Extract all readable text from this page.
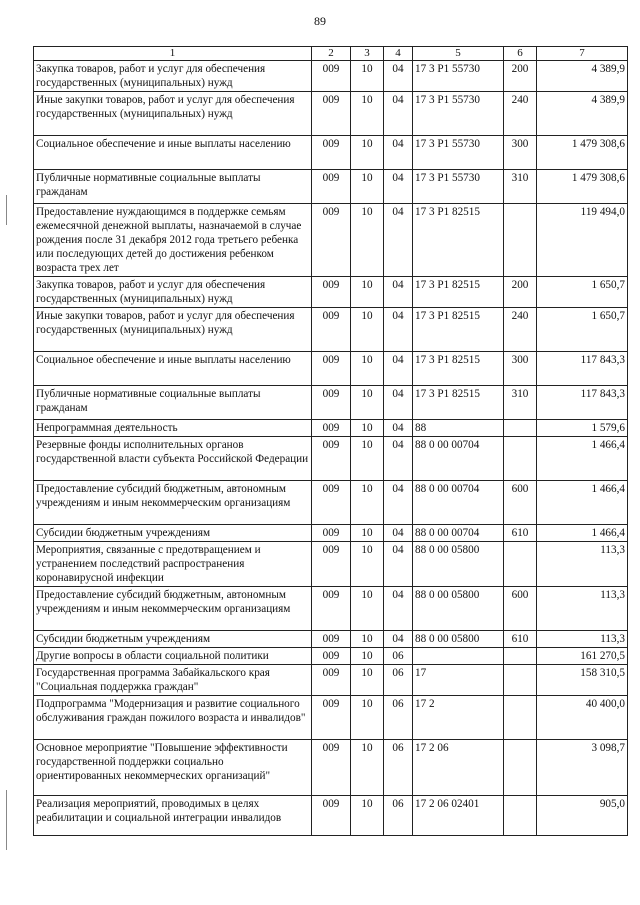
89
1	2	3	4	5	6	7
Закупка товаров, работ и услуг для обеспечения государственных (муниципальных) нужд	009	10	04	17 3 P1 55730	200	4 389,9
Иные закупки товаров, работ и услуг для обеспечения государственных (муниципальных) нужд	009	10	04	17 3 P1 55730	240	4 389,9
Социальное обеспечение и иные выплаты населению	009	10	04	17 3 P1 55730	300	1 479 308,6
Публичные нормативные социальные выплаты гражданам	009	10	04	17 3 P1 55730	310	1 479 308,6
Предоставление нуждающимся в поддержке семьям ежемесячной денежной выплаты, назначаемой в случае рождения после 31 декабря 2012 года третьего ребенка или последующих детей до достижения ребенком возраста трех лет	009	10	04	17 3 P1 82515		119 494,0
Закупка товаров, работ и услуг для обеспечения государственных (муниципальных) нужд	009	10	04	17 3 P1 82515	200	1 650,7
Иные закупки товаров, работ и услуг для обеспечения государственных (муниципальных) нужд	009	10	04	17 3 P1 82515	240	1 650,7
Социальное обеспечение и иные выплаты населению	009	10	04	17 3 P1 82515	300	117 843,3
Публичные нормативные социальные выплаты гражданам	009	10	04	17 3 P1 82515	310	117 843,3
Непрограммная деятельность	009	10	04	88		1 579,6
Резервные фонды исполнительных органов государственной власти субъекта Российской Федерации	009	10	04	88 0 00 00704		1 466,4
Предоставление субсидий бюджетным, автономным учреждениям и иным некоммерческим организациям	009	10	04	88 0 00 00704	600	1 466,4
Субсидии бюджетным учреждениям	009	10	04	88 0 00 00704	610	1 466,4
Мероприятия, связанные с предотвращением и устранением последствий распространения коронавирусной инфекции	009	10	04	88 0 00 05800		113,3
Предоставление субсидий бюджетным, автономным учреждениям и иным некоммерческим организациям	009	10	04	88 0 00 05800	600	113,3
Субсидии бюджетным учреждениям	009	10	04	88 0 00 05800	610	113,3
Другие вопросы в области социальной политики	009	10	06			161 270,5
Государственная программа Забайкальского края "Социальная поддержка граждан"	009	10	06	17		158 310,5
Подпрограмма "Модернизация и развитие социального обслуживания граждан пожилого возраста и инвалидов"	009	10	06	17 2		40 400,0
Основное мероприятие "Повышение эффективности государственной поддержки социально ориентированных некоммерческих организаций"	009	10	06	17 2 06		3 098,7
Реализация мероприятий, проводимых в целях реабилитации и социальной интеграции инвалидов	009	10	06	17 2 06 02401		905,0
